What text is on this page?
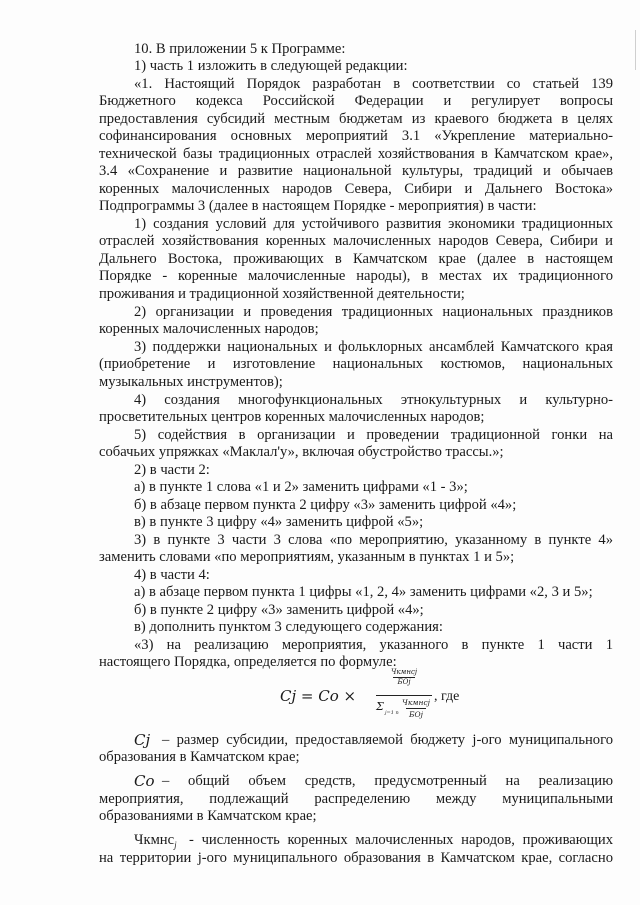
10. В приложении 5 к Программе:
1) часть 1 изложить в следующей редакции:
«1. Настоящий Порядок разработан в соответствии со статьей 139
Бюджетного кодекса Российской Федерации и регулирует вопросы
предоставления субсидий местным бюджетам из краевого бюджета в целях
софинансирования основных мероприятий 3.1 «Укрепление материально-
технической базы традиционных отраслей хозяйствования в Камчатском крае»,
3.4 «Сохранение и развитие национальной культуры, традиций и обычаев
коренных малочисленных народов Севера, Сибири и Дальнего Востока»
Подпрограммы 3 (далее в настоящем Порядке - мероприятия) в части:
1) создания условий для устойчивого развития экономики традиционных
отраслей хозяйствования коренных малочисленных народов Севера, Сибири и
Дальнего Востока, проживающих в Камчатском крае (далее в настоящем
Порядке - коренные малочисленные народы), в местах их традиционного
проживания и традиционной хозяйственной деятельности;
2) организации и проведения традиционных национальных праздников
коренных малочисленных народов;
3) поддержки национальных и фольклорных ансамблей Камчатского края
(приобретение и изготовление национальных костюмов, национальных
музыкальных инструментов);
4) создания многофункциональных этнокультурных и культурно-
просветительных центров коренных малочисленных народов;
5) содействия в организации и проведении традиционной гонки на
собачьих упряжках «Маклал'у», включая обустройство трассы.»;
2) в части 2:
а) в пункте 1 слова «1 и 2» заменить цифрами «1 - 3»;
б) в абзаце первом пункта 2 цифру «3» заменить цифрой «4»;
в) в пункте 3 цифру «4» заменить цифрой «5»;
3) в пункте 3 части 3 слова «по мероприятию, указанному в пункте 4»
заменить словами «по мероприятиям, указанным в пунктах 1 и 5»;
4) в части 4:
а) в абзаце первом пункта 1 цифры «1, 2, 4» заменить цифрами «2, 3 и 5»;
б) в пункте 2 цифру «3» заменить цифрой «4»;
в) дополнить пунктом 3 следующего содержания:
«3) на реализацию мероприятия, указанного в пункте 1 части 1
настоящего Порядка, определяется по формуле:
Cj = Co ×
Чкмнсj
БОj
Σ j=1 n
Чкмнсj
БОj
, где
Cj – размер субсидии, предоставляемой бюджету j-ого муниципального
образования в Камчатском крае;
Co – общий объем средств, предусмотренный на реализацию
мероприятия, подлежащий распределению между муниципальными
образованиями в Камчатском крае;
Чкмнс$_j$ - численность коренных малочисленных народов, проживающих
на территории j-ого муниципального образования в Камчатском крае, согласно
